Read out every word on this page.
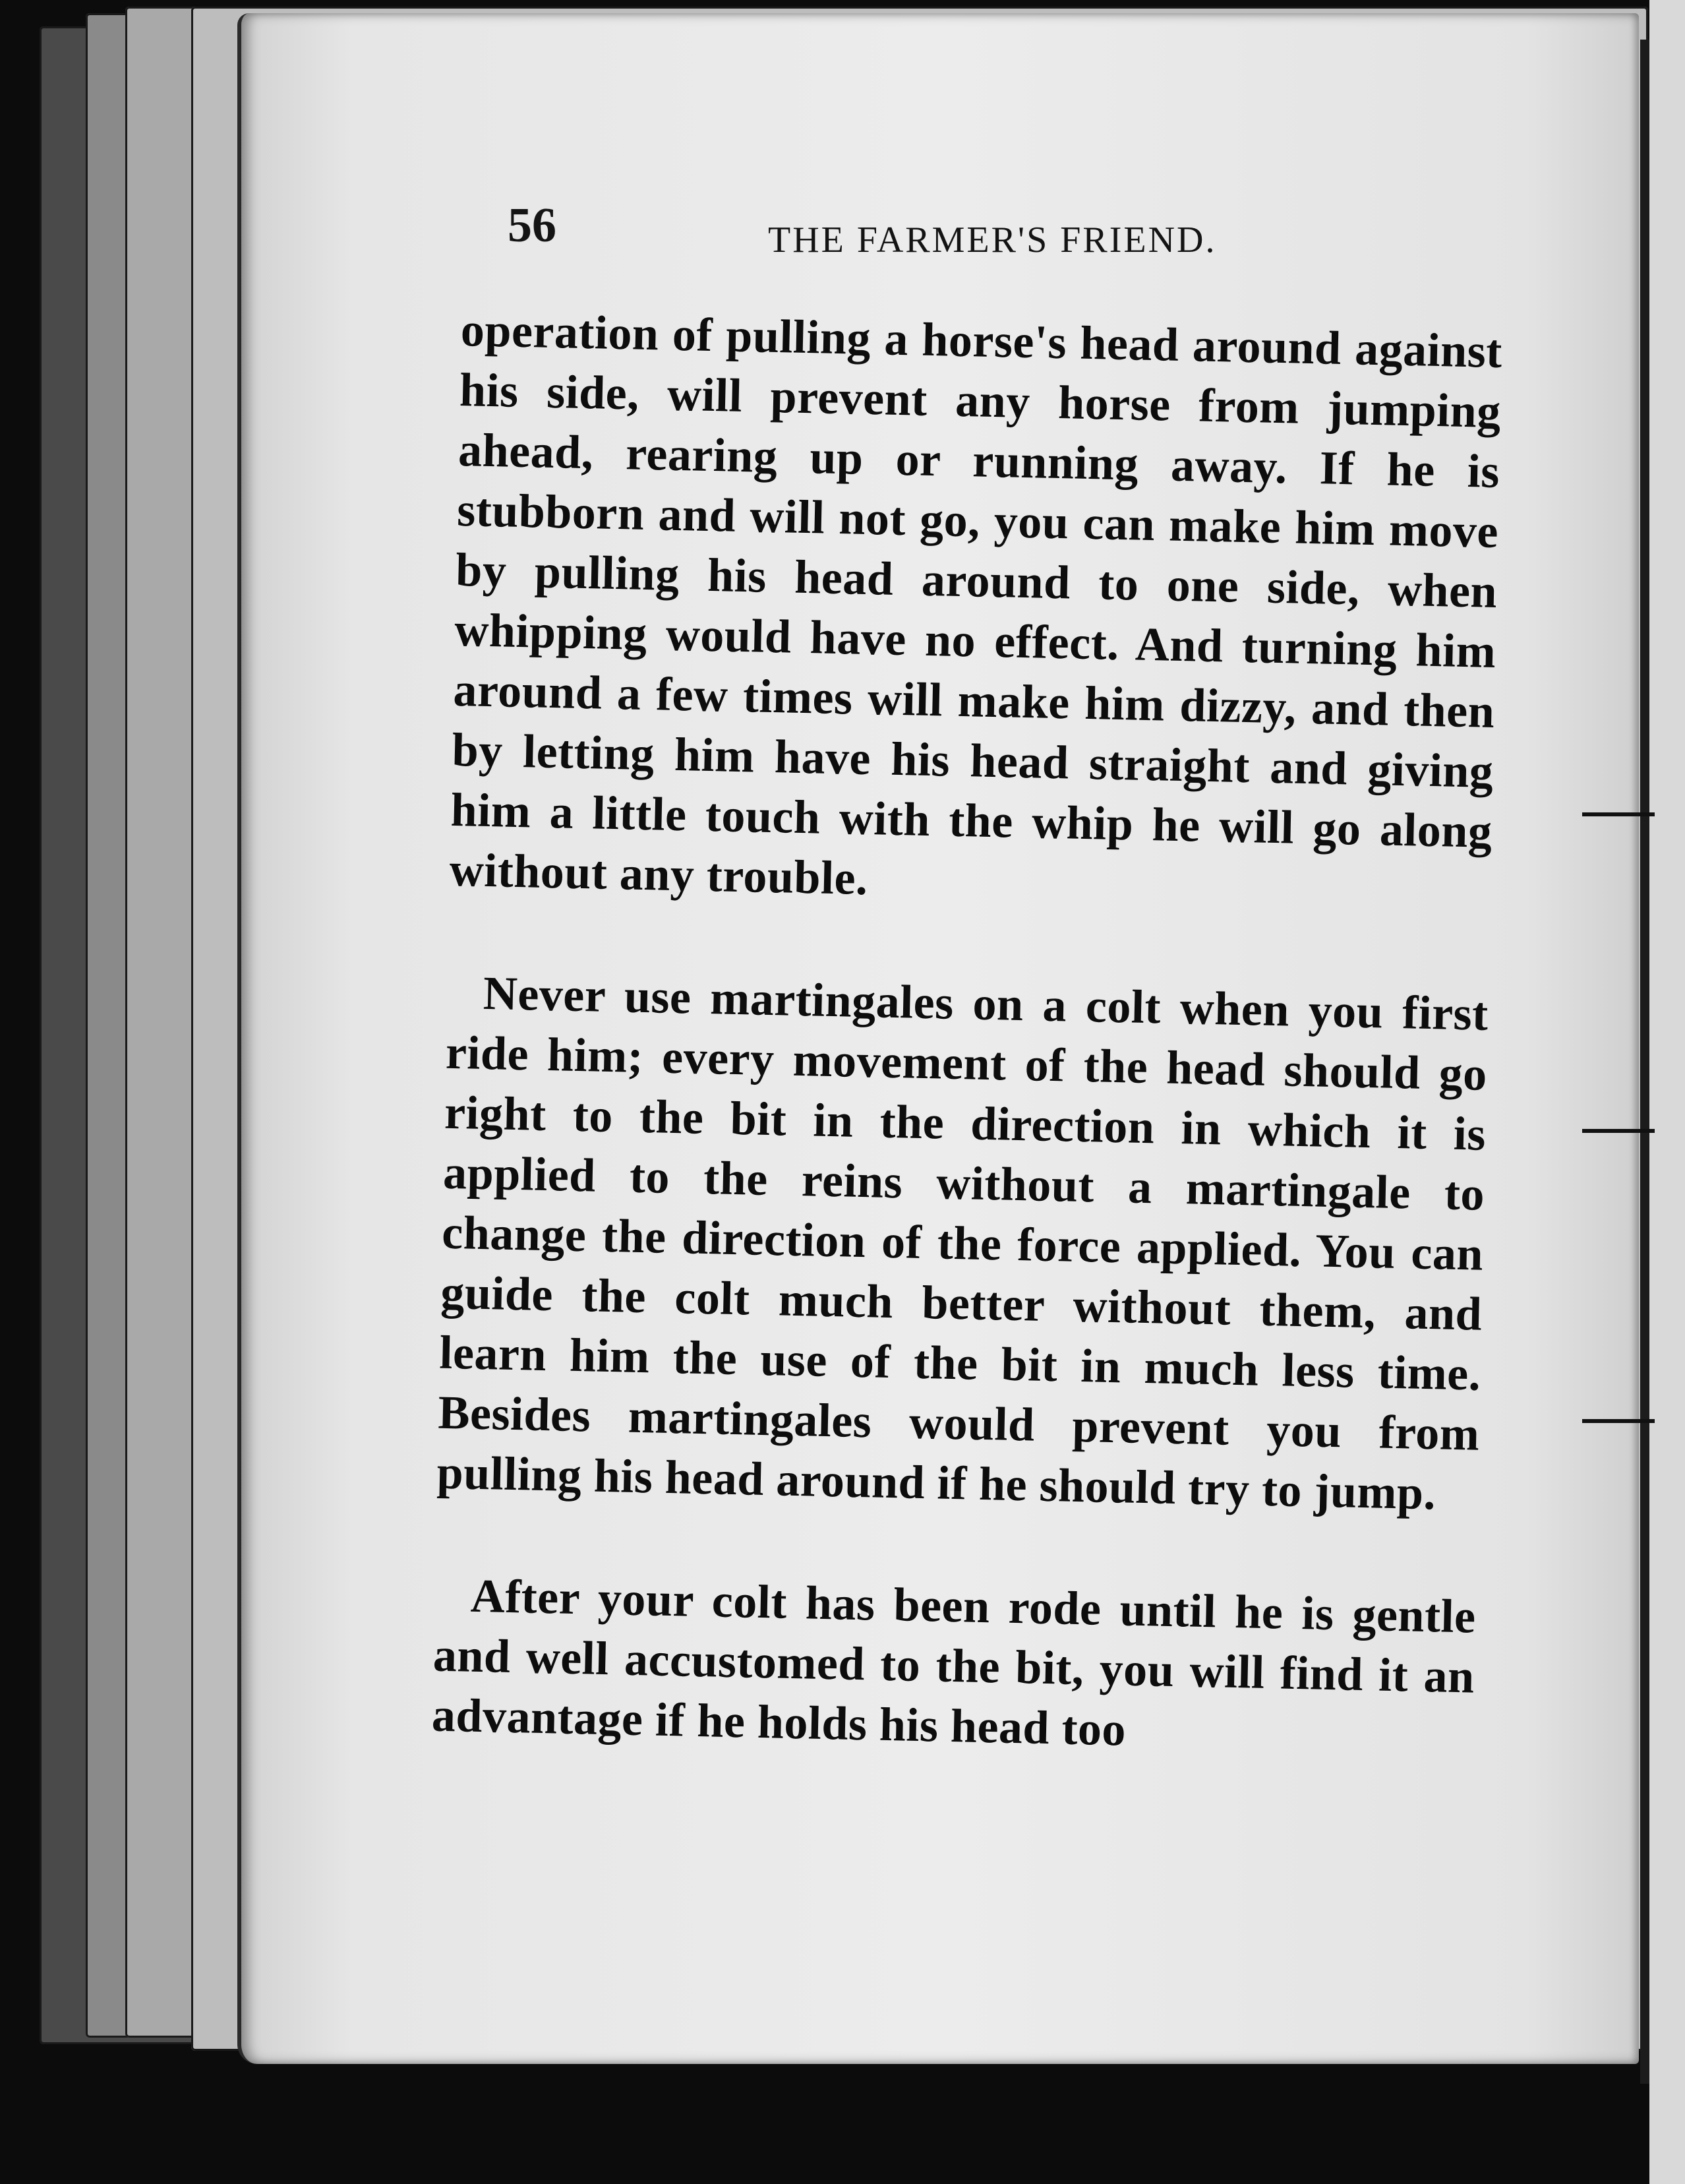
56	THE FARMER'S FRIEND.

operation of pulling a horse's head around against his side, will prevent any horse from jumping ahead, rearing up or running away. If he is stubborn and will not go, you can make him move by pulling his head around to one side, when whipping would have no effect. And turning him around a few times will make him dizzy, and then by letting him have his head straight and giving him a little touch with the whip he will go along without any trouble.

Never use martingales on a colt when you first ride him; every movement of the head should go right to the bit in the direction in which it is applied to the reins without a martingale to change the direction of the force applied. You can guide the colt much better without them, and learn him the use of the bit in much less time. Besides martingales would prevent you from pulling his head around if he should try to jump.

After your colt has been rode until he is gentle and well accustomed to the bit, you will find it an advantage if he holds his head too
